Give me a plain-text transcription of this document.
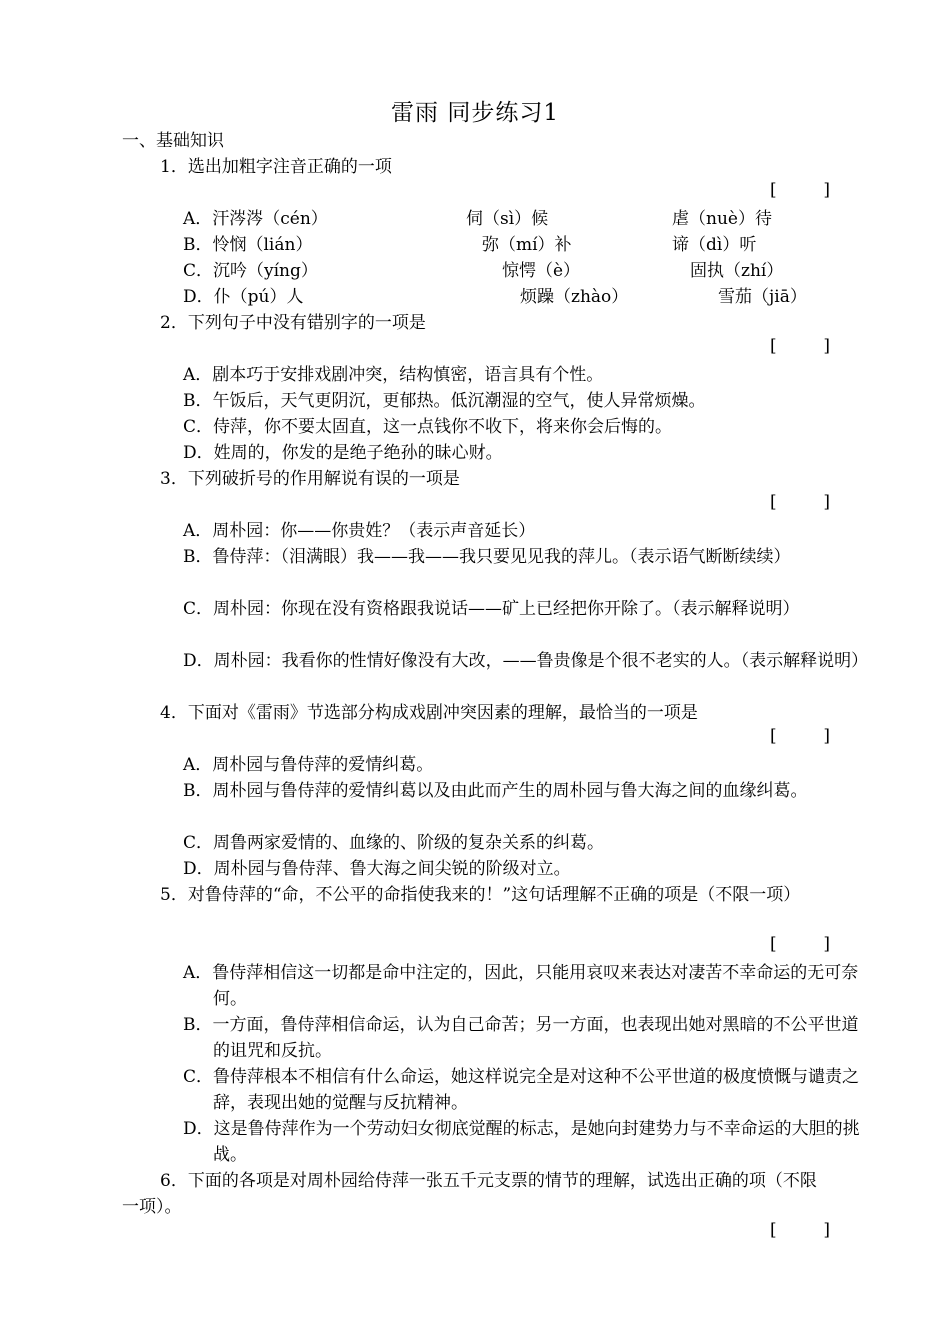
雷雨 同步练习1
一、基础知识
1．选出加粗字注音正确的一项
[	]
A．汗涔涔（cén）	伺（sì）候	虐（nuè）待
B．怜悯（lián）	弥（mí）补	谛（dì）听
C．沉吟（yíng）	惊愕（è）	固执（zhí）
D．仆（pú）人	烦躁（zhào）	雪茄（jiā）
2．下列句子中没有错别字的一项是
[	]
A．剧本巧于安排戏剧冲突，结构慎密，语言具有个性。
B．午饭后，天气更阴沉，更郁热。低沉潮湿的空气，使人异常烦燥。
C．侍萍，你不要太固直，这一点钱你不收下，将来你会后悔的。
D．姓周的，你发的是绝子绝孙的昧心财。
3．下列破折号的作用解说有误的一项是
[	]
A．周朴园：你——你贵姓？（表示声音延长）
B．鲁侍萍：（泪满眼）我——我——我只要见见我的萍儿。（表示语气断断续续）
C．周朴园：你现在没有资格跟我说话——矿上已经把你开除了。（表示解释说明）
D．周朴园：我看你的性情好像没有大改，——鲁贵像是个很不老实的人。（表示解释说明）
4．下面对《雷雨》节选部分构成戏剧冲突因素的理解，最恰当的一项是
[	]
A．周朴园与鲁侍萍的爱情纠葛。
B．周朴园与鲁侍萍的爱情纠葛以及由此而产生的周朴园与鲁大海之间的血缘纠葛。
C．周鲁两家爱情的、血缘的、阶级的复杂关系的纠葛。
D．周朴园与鲁侍萍、鲁大海之间尖锐的阶级对立。
5．对鲁侍萍的“命，不公平的命指使我来的！”这句话理解不正确的项是（不限一项）
[	]
A．鲁侍萍相信这一切都是命中注定的，因此，只能用哀叹来表达对凄苦不幸命运的无可奈何。
B．一方面，鲁侍萍相信命运，认为自己命苦；另一方面，也表现出她对黑暗的不公平世道的诅咒和反抗。
C．鲁侍萍根本不相信有什么命运，她这样说完全是对这种不公平世道的极度愤慨与谴责之辞，表现出她的觉醒与反抗精神。
D．这是鲁侍萍作为一个劳动妇女彻底觉醒的标志，是她向封建势力与不幸命运的大胆的挑战。
6．下面的各项是对周朴园给侍萍一张五千元支票的情节的理解，试选出正确的项（不限一项）。
[	]
